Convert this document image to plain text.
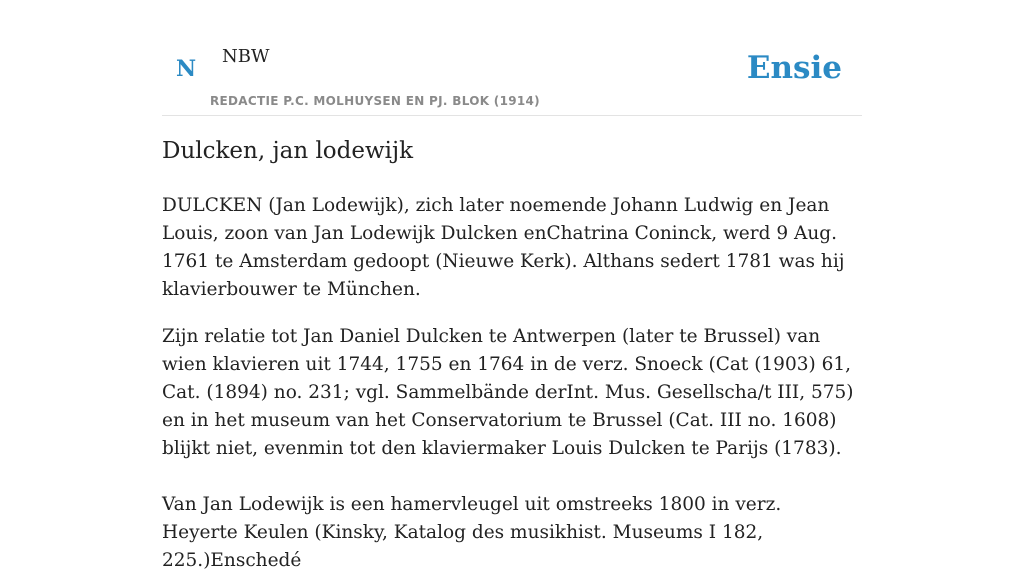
N NBW
REDACTIE P.C. MOLHUYSEN EN PJ. BLOK (1914)
Ensie
Dulcken, jan lodewijk

DULCKEN (Jan Lodewijk), zich later noemende Johann Ludwig en Jean Louis, zoon van Jan Lodewijk Dulcken enChatrina Coninck, werd 9 Aug. 1761 te Amsterdam gedoopt (Nieuwe Kerk). Althans sedert 1781 was hij klavierbouwer te München.

Zijn relatie tot Jan Daniel Dulcken te Antwerpen (later te Brussel) van wien klavieren uit 1744, 1755 en 1764 in de verz. Snoeck (Cat (1903) 61, Cat. (1894) no. 231; vgl. Sammelbände derInt. Mus. Gesellscha/t III, 575) en in het museum van het Conservatorium te Brussel (Cat. III no. 1608) blijkt niet, evenmin tot den klaviermaker Louis Dulcken te Parijs (1783).

Van Jan Lodewijk is een hamervleugel uit omstreeks 1800 in verz. Heyerte Keulen (Kinsky, Katalog des musikhist. Museums I 182, 225.)Enschedé
